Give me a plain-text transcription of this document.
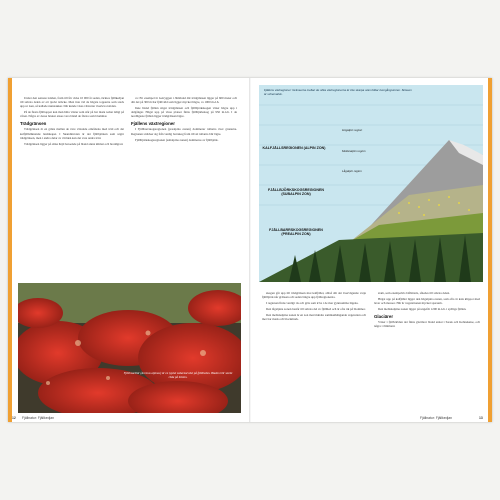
Under den senaste istiden, fram till för cirka 10 000 år sedan, täcktes fjällkedjan till största delen av ett tjockt istäcke. Men inte vid de högsta topparna som stack upp ur isen, så kallade nunatakker. Där kunde vissa växtarter överleva istiden.

På de flesta fjälltoppar kan man hitta växter som står på bar mark redan tidigt på våren. Några av dessa brukar anses vara bland de första som blommar.

Trädgränsen

Trädgränsen är en gräns mellan de övre växande områdena med träd och det kalfjällsliknande landskapet. I Skandinavien är det fjällbjörken som utgör trädgränsen, men i andra delar av världen kan det vara andra träd.

Trädgränsen ligger på olika höjd beroende på bland annat klimat och breddgrad.

ca: Ett exempel är Getryggen i Jämtland där trädgränsen ligger på 600 meter och där det på 300 m har fjällvidd som ligger mycket högre, ca 1000 m.ö.h.

Inne bland fjällen stiger trädgränsen och fjällbjörkskogen växer högre upp i dalgångar. Högst upp på vissa platser finns fjällbjörkskog på 950 m.ö.h. I de nordligaste fjällen ligger trädgränsen lägre.

Fjällens växtregioner

I Fjällbarrskogsregionen (prealpina zonen) dominerar tallarna över granarna. Regionen sträcker sig från vanlig barrskog fram till att tallarna blir lägre.

Fjällbjörkskogsregionen (subalpina zonen) domineras av fjällbjörk.

Fjällsvartbär (Arctous alpinus) är en typisk vedartad växt på fjällheden. Bladen blir starkt röda på hösten.
12 Fjällnatur: Fjällkedjan
Fjällens växtregioner: Gränserna mellan de olika växtregionerna är inte skarpa utan bildar övergångszoner. Skissen är schematisk.
KALFJÄLLSREGIONEN (ALPIN ZON)
FJÄLLBJÖRKSKOGSREGIONEN (SUBALPIN ZON)
FJÄLLBARRSKOGSREGIONEN (PREALPIN ZON)
Högalpin region
Mellanalpin region
Lågalpin region

skogen går upp till trädgränsen mot kalfjället, alltså där det övervägande varje fjällbjörk når gränsen och sedan längre upp fjällregionerna.

I regionen finns vanligt ris och gräs som trivs i de mer gynnsamma lägena.

Den lågalpina zonen består till största del av fjällhed och är ofta rik på blommor.

Den mellanalpina zonen är en zon med mindre sammanhängande vegetation och mer bar mark och blockmark.

stam, som exempelvis blåbärsris, således till största delen.

Högst upp på kalfjället ligger den högalpina zonen, som ofta är kala klippor med lavar och mossor. Här är vegetationen mycket sparsam.

Den mellanalpina zonen ligger på ungefär 1200 m.ö.h. i sydliga fjällen.

Glaciärer

Växer i fjällvärlden det finns glaciärer bland annat i Sarek och Kebnekaise, och några i Jämtland.

Fjällnatur: Fjällkedjan	13
